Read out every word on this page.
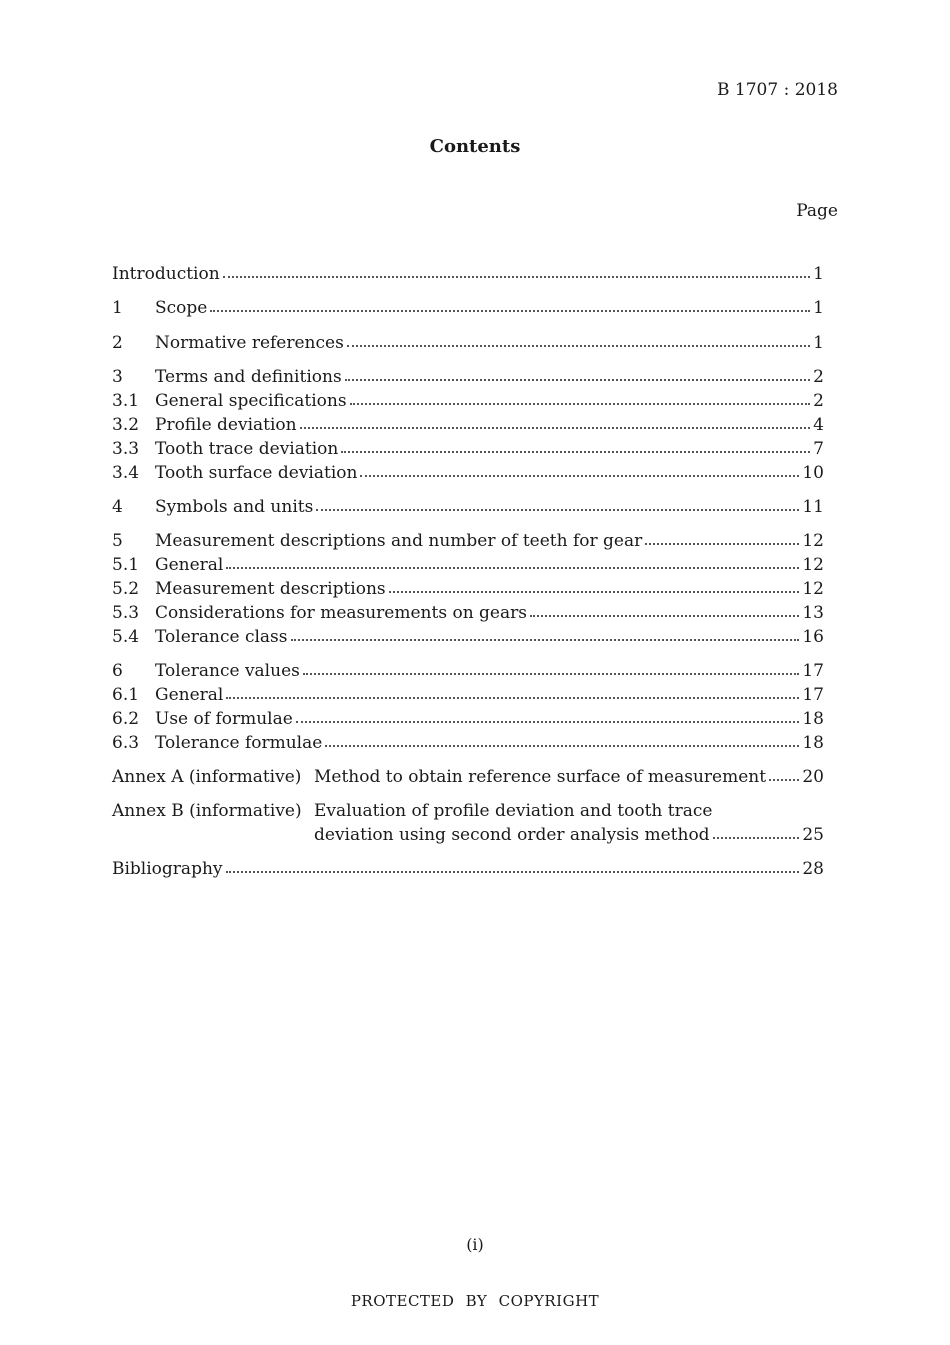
B 1707 : 2018
Contents
Page
Introduction	1
1	Scope	1
2	Normative references	1
3	Terms and definitions	2
3.1 General specifications	2
3.2 Profile deviation	4
3.3 Tooth trace deviation	7
3.4 Tooth surface deviation	10
4	Symbols and units	11
5	Measurement descriptions and number of teeth for gear	12
5.1 General	12
5.2 Measurement descriptions	12
5.3 Considerations for measurements on gears	13
5.4 Tolerance class	16
6	Tolerance values	17
6.1 General	17
6.2 Use of formulae	18
6.3 Tolerance formulae	18
Annex A (informative) Method to obtain reference surface of measurement 20
Annex B (informative) Evaluation of profile deviation and tooth trace
deviation using second order analysis method	25
Bibliography	28
(i)
PROTECTED BY COPYRIGHT
